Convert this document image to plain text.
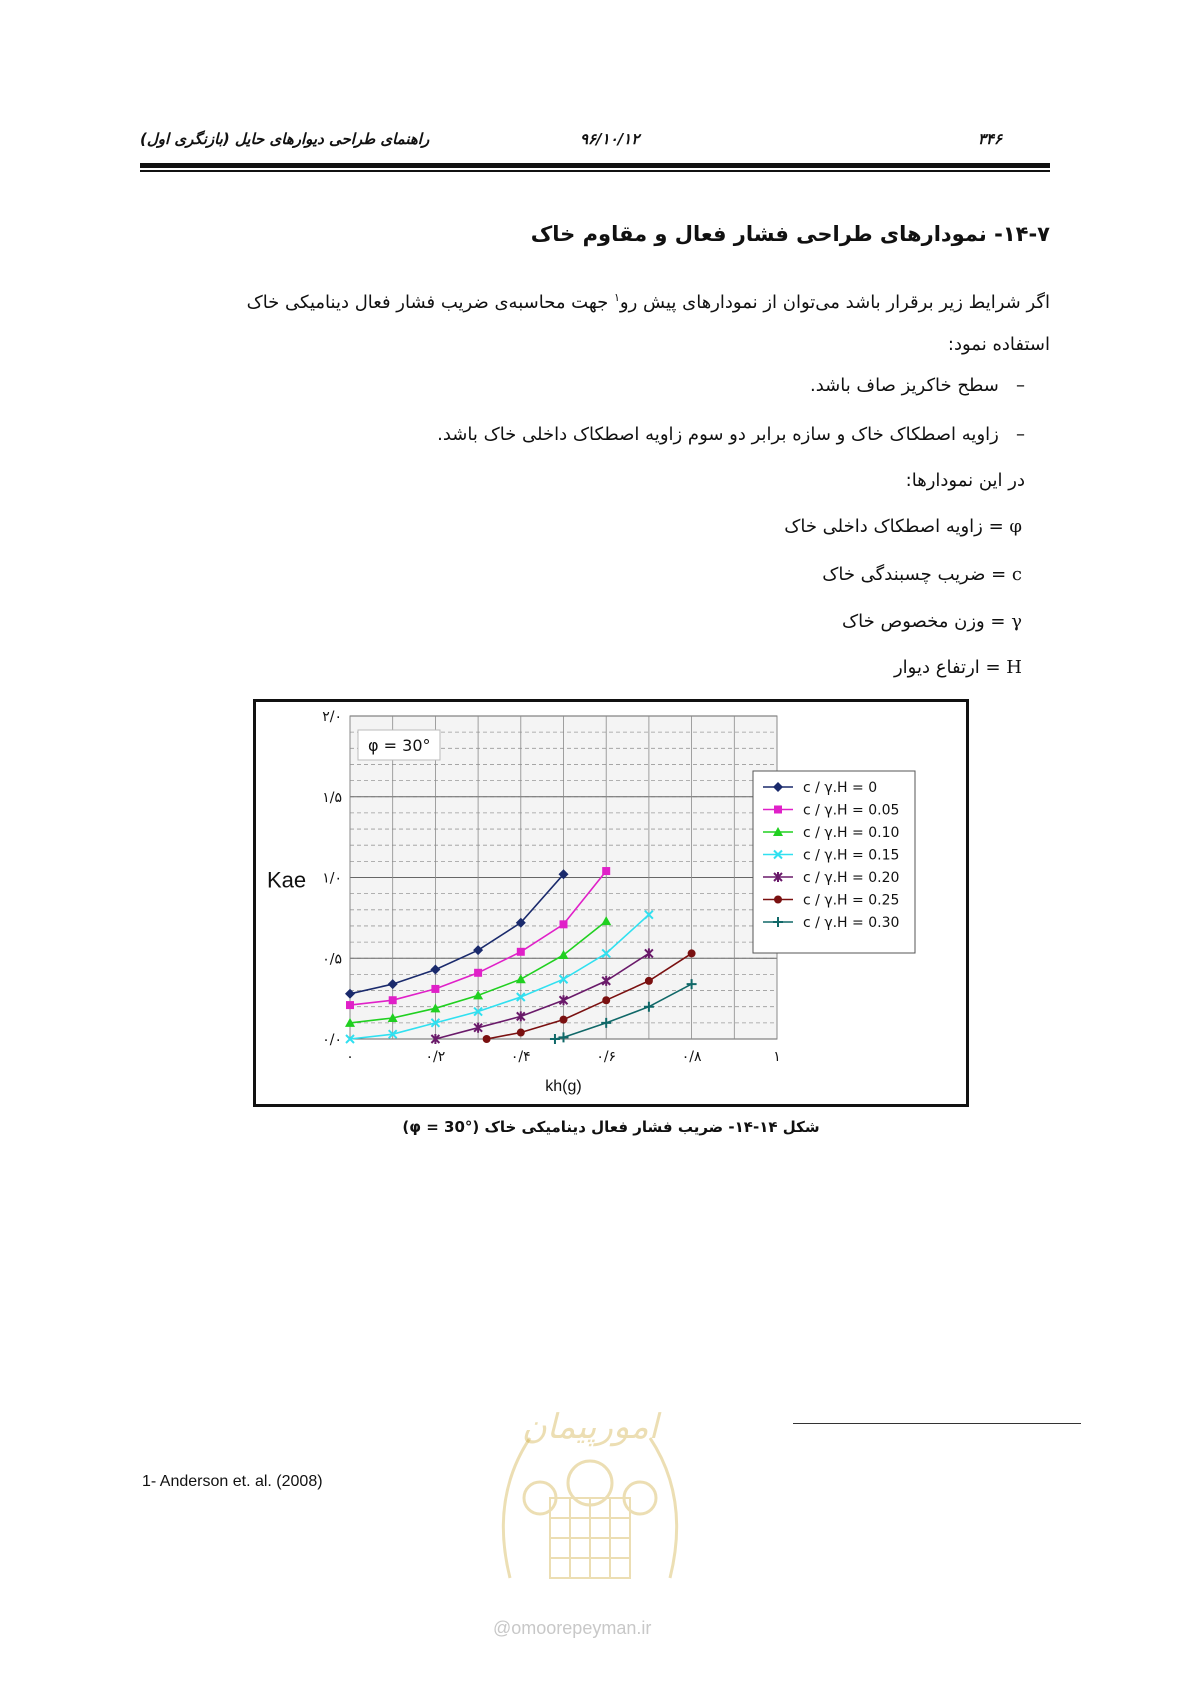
۳۴۶
۹۶/۱۰/۱۲
راهنمای طراحی دیوارهای حایل (بازنگری اول)
۱۴-۷- نمودارهای طراحی فشار فعال و مقاوم خاک
اگر شرایط زیر برقرار باشد می‌توان از نمودارهای پیش رو$^۱$ جهت محاسبه‌ی ضریب فشار فعال دینامیکی خاک
استفاده نمود:
–   سطح خاکریز صاف باشد.
–   زاویه اصطکاک خاک و سازه برابر دو سوم زاویه اصطکاک داخلی خاک باشد.
در این نمودارها:
φ = زاویه اصطکاک داخلی خاک
c = ضریب چسبندگی خاک
γ = وزن مخصوص خاک
H = ارتفاع دیوار
۰/۰
۰/۵
۱/۰
۱/۵
۲/۰
۰	۰/۲	۰/۴	۰/۶	۰/۸	۱
Kae
kh(g)
φ = 30°
c / γ.H = 0
c / γ.H = 0.05
c / γ.H = 0.10
c / γ.H = 0.15
c / γ.H = 0.20
c / γ.H = 0.25
c / γ.H = 0.30
شکل ۱۴-۱۴- ضریب فشار فعال دینامیکی خاک (φ = 30°)
1- Anderson et. al. (2008)
امورپیمان
@omoorepeyman.ir
